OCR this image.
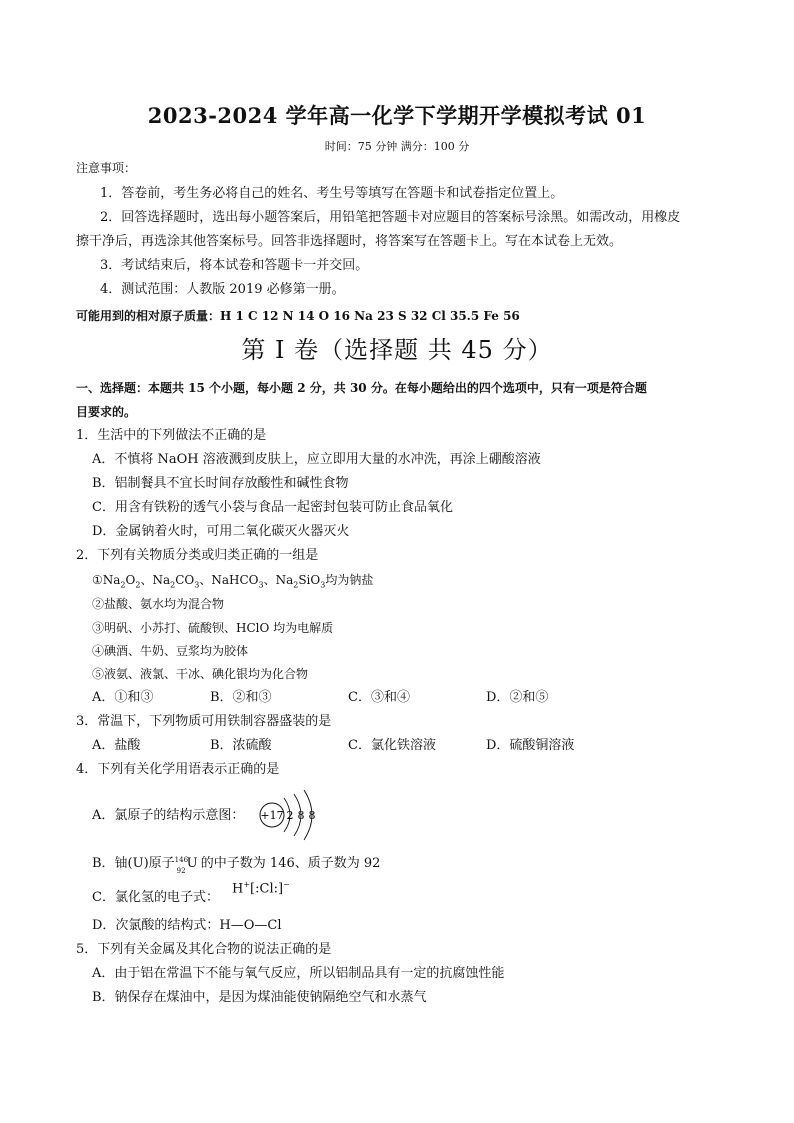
2023-2024 学年高一化学下学期开学模拟考试 01
时间：75 分钟 满分：100 分
注意事项：
1．答卷前，考生务必将自己的姓名、考生号等填写在答题卡和试卷指定位置上。
2．回答选择题时，选出每小题答案后，用铅笔把答题卡对应题目的答案标号涂黑。如需改动，用橡皮
擦干净后，再选涂其他答案标号。回答非选择题时，将答案写在答题卡上。写在本试卷上无效。
3．考试结束后，将本试卷和答题卡一并交回。
4．测试范围：人教版 2019 必修第一册。
可能用到的相对原子质量：H 1 C 12 N 14 O 16 Na 23 S 32 Cl 35.5 Fe 56
第 I 卷（选择题 共 45 分）
一、选择题：本题共 15 个小题，每小题 2 分，共 30 分。在每小题给出的四个选项中，只有一项是符合题
目要求的。
1．生活中的下列做法不正确的是
A．不慎将 NaOH 溶液溅到皮肤上，应立即用大量的水冲洗，再涂上硼酸溶液
B．铝制餐具不宜长时间存放酸性和碱性食物
C．用含有铁粉的透气小袋与食品一起密封包装可防止食品氧化
D．金属钠着火时，可用二氧化碳灭火器灭火
2．下列有关物质分类或归类正确的一组是
$①Na_2O_2$、$Na_2CO_3$、NaHCO$_3$、$Na_2SiO_3$均为钠盐
②盐酸、氨水均为混合物
③明矾、小苏打、硫酸钡、HClO 均为电解质
④碘酒、牛奶、豆浆均为胶体
⑤液氨、液氯、干冰、碘化银均为化合物
A．①和③	B．②和③	C．③和④	D．②和⑤
3．常温下，下列物质可用铁制容器盛装的是
A．盐酸	B．浓硫酸	C．氯化铁溶液	D．硫酸铜溶液
4．下列有关化学用语表示正确的是
A．氯原子的结构示意图： +17 2 8 8
B．铀(U)原子 146
92 U 的中子数为 146、质子数为 92
C．氯化氢的电子式：
H+[:Cl:]−
D．次氯酸的结构式：H—O—Cl
5．下列有关金属及其化合物的说法正确的是
A．由于铝在常温下不能与氧气反应，所以铝制品具有一定的抗腐蚀性能
B．钠保存在煤油中，是因为煤油能使钠隔绝空气和水蒸气
